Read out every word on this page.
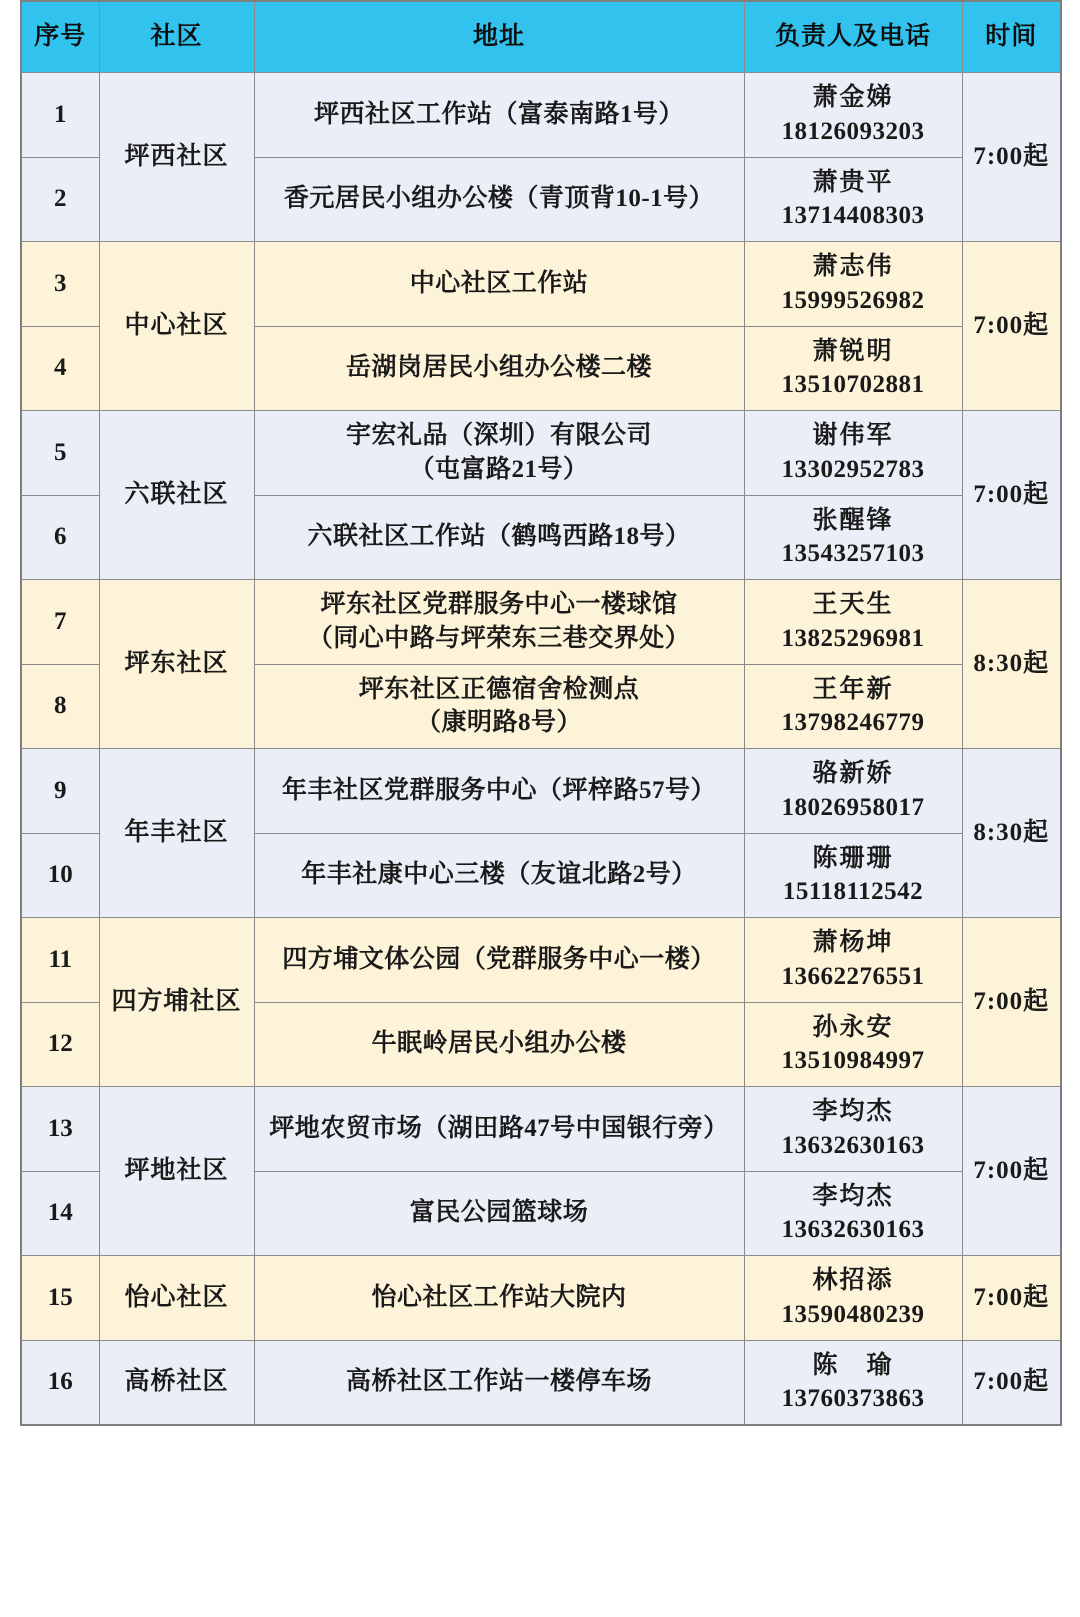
序号	社区	地址	负责人及电话	时间
1	坪西社区	坪西社区工作站（富泰南路1号）	萧金娣
18126093203	7:00起
2		香元居民小组办公楼（青顶背10-1号）	萧贵平
13714408303	

3	中心社区	中心社区工作站	萧志伟
15999526982	7:00起
4		岳湖岗居民小组办公楼二楼	萧锐明
13510702881	

5	六联社区	宇宏礼品（深圳）有限公司
（屯富路21号）	谢伟军
13302952783	7:00起
6		六联社区工作站（鹤鸣西路18号）	张醒锋
13543257103	

7	坪东社区	坪东社区党群服务中心一楼球馆
（同心中路与坪荣东三巷交界处）	王天生
13825296981	8:30起
8		坪东社区正德宿舍检测点
（康明路8号）	王年新
13798246779	

9	年丰社区	年丰社区党群服务中心（坪梓路57号）	骆新娇
18026958017	8:30起
10		年丰社康中心三楼（友谊北路2号）	陈珊珊
15118112542	

11	四方埔社区	四方埔文体公园（党群服务中心一楼）	萧杨坤
13662276551	7:00起
12		牛眠岭居民小组办公楼	孙永安
13510984997	

13	坪地社区	坪地农贸市场（湖田路47号中国银行旁）	李均杰
13632630163	7:00起
14		富民公园篮球场	李均杰
13632630163	

15	怡心社区	怡心社区工作站大院内	林招添
13590480239	7:00起
16	高桥社区	高桥社区工作站一楼停车场	陈　瑜
13760373863	7:00起
